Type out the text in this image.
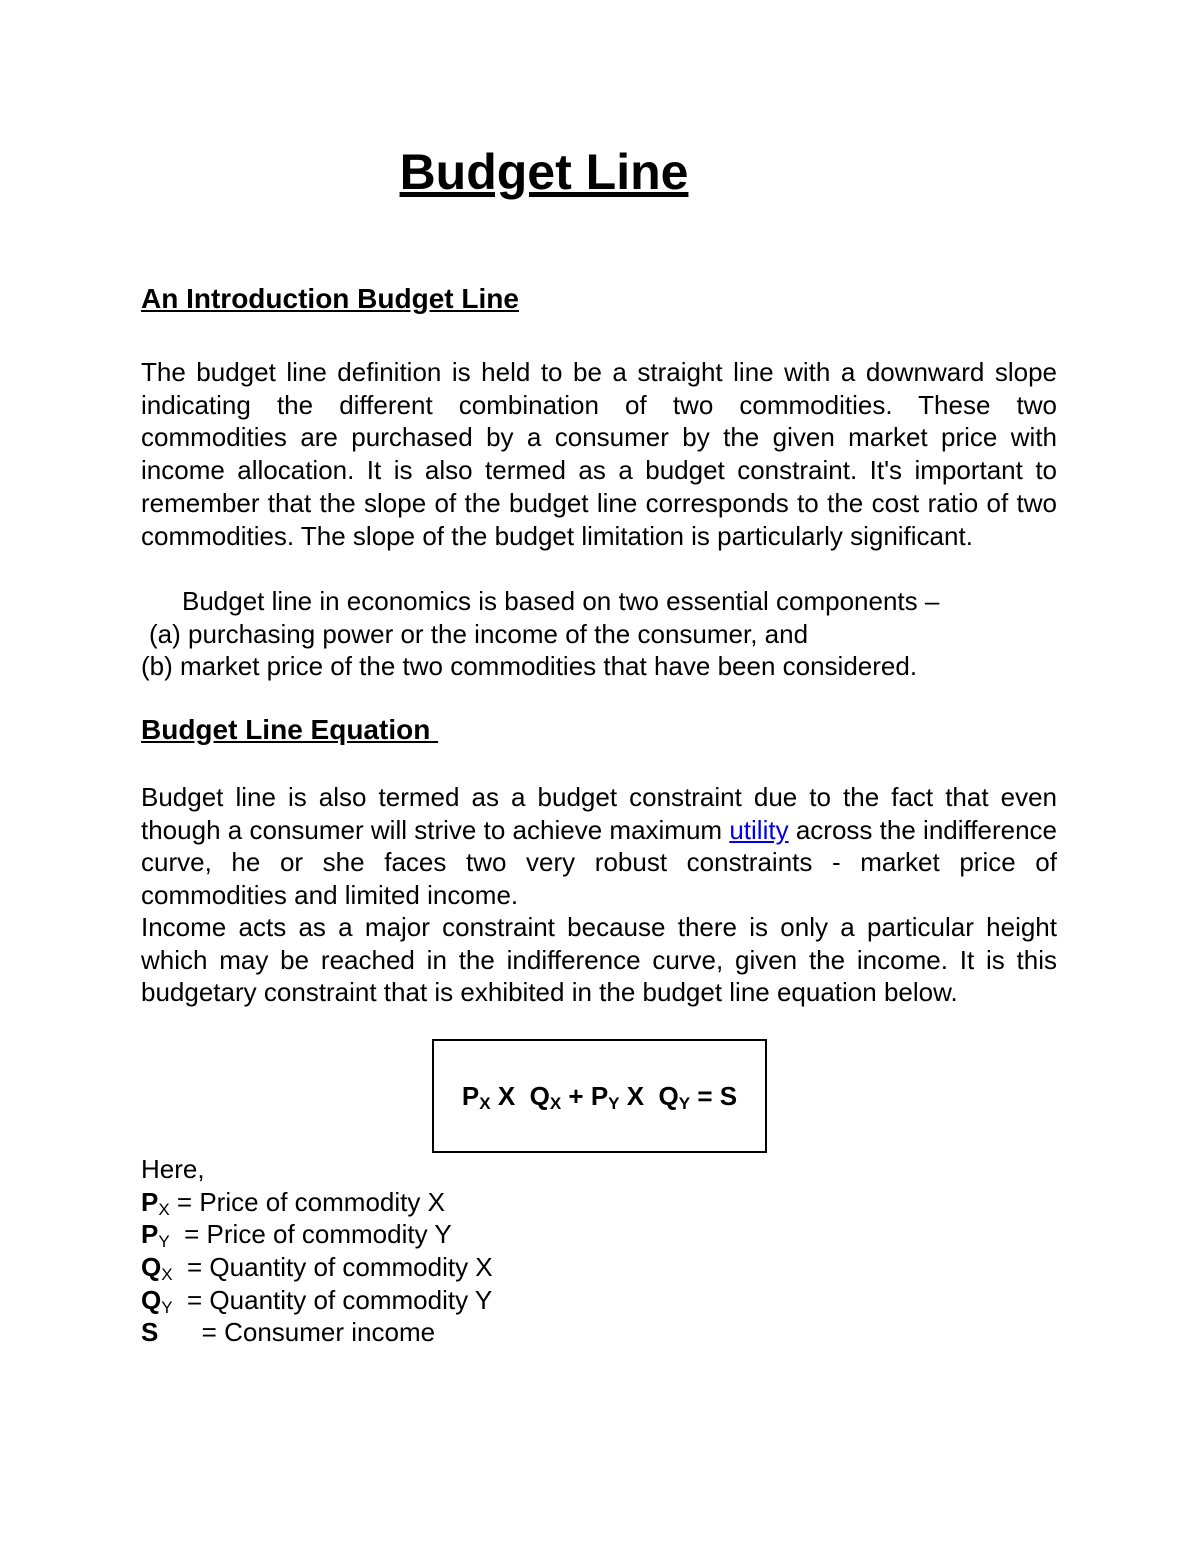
Budget Line
An Introduction Budget Line
The budget line definition is held to be a straight line with a downward slope indicating the different combination of two commodities. These two commodities are purchased by a consumer by the given market price with income allocation. It is also termed as a budget constraint. It's important to remember that the slope of the budget line corresponds to the cost ratio of two commodities. The slope of the budget limitation is particularly significant.
Budget line in economics is based on two essential components –
(a) purchasing power or the income of the consumer, and
(b) market price of the two commodities that have been considered.
Budget Line Equation
Budget line is also termed as a budget constraint due to the fact that even though a consumer will strive to achieve maximum utility across the indifference curve, he or she faces two very robust constraints - market price of commodities and limited income.
Income acts as a major constraint because there is only a particular height which may be reached in the indifference curve, given the income. It is this budgetary constraint that is exhibited in the budget line equation below.
$P_X$ X $Q_X + P_Y$ X $Q_Y = S$
Here,
$P_X$ = Price of commodity X
$P_Y$  = Price of commodity Y
$Q_X$  = Quantity of commodity X
$Q_Y$  = Quantity of commodity Y
S      = Consumer income
